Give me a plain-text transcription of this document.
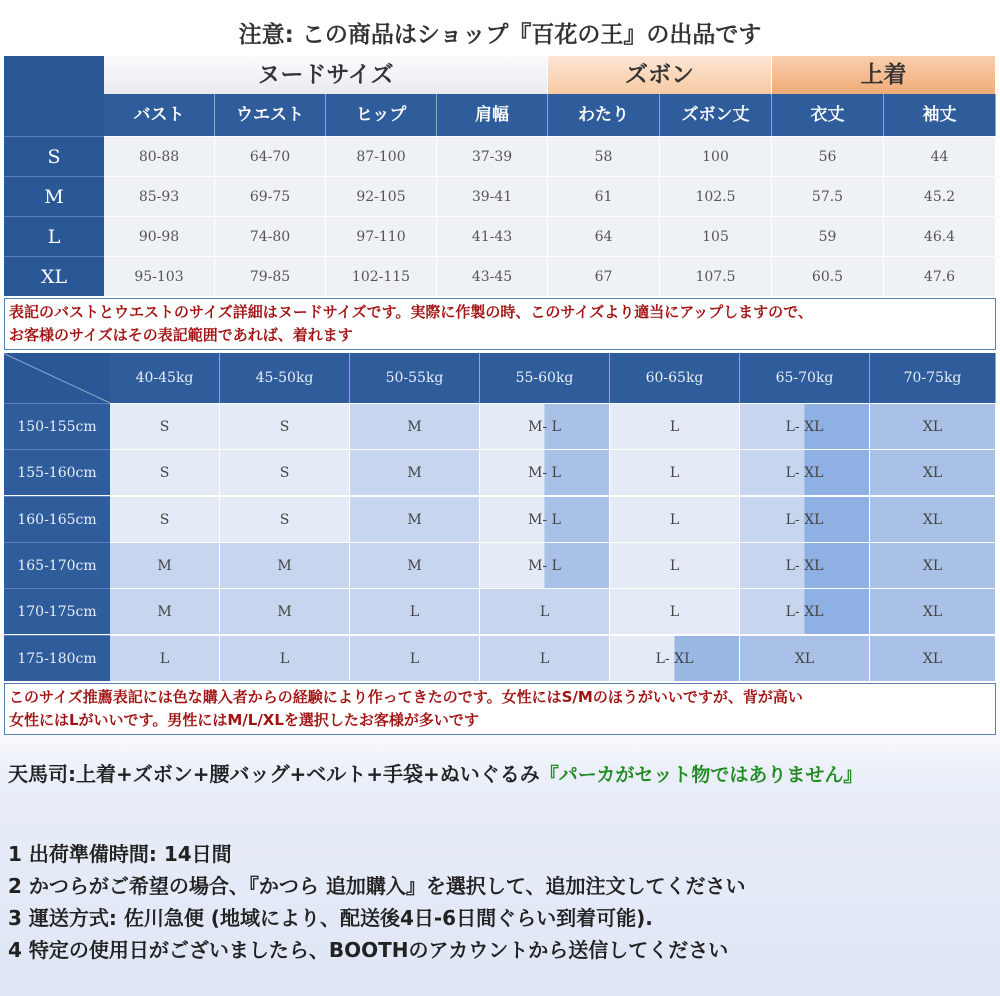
注意: この商品はショップ『百花の王』の出品です
ヌードサイズ	ズボン	上着
バスト	ウエスト	ヒップ	肩幅	わたり	ズボン丈	衣丈	袖丈
S	80-88	64-70	87-100	37-39	58	100	56	44
M	85-93	69-75	92-105	39-41	61	102.5	57.5	45.2
L	90-98	74-80	97-110	41-43	64	105	59	46.4
XL	95-103	79-85	102-115	43-45	67	107.5	60.5	47.6
表記のバストとウエストのサイズ詳細はヌードサイズです。実際に作製の時、このサイズより適当にアップしますので、
お客様のサイズはその表記範囲であれば、着れます
40-45kg	45-50kg	50-55kg	55-60kg	60-65kg	65-70kg	70-75kg
150-155cm	S	S	M	M- L	L	L- XL	XL
155-160cm	S	S	M	M- L	L	L- XL	XL
160-165cm	S	S	M	M- L	L	L- XL	XL
165-170cm	M	M	M	M- L	L	L- XL	XL
170-175cm	M	M	L	L	L	L- XL	XL
175-180cm	L	L	L	L	L- XL	XL	XL
このサイズ推薦表記には色な購入者からの経験により作ってきたのです。女性にはS/Mのほうがいいですが、背が高い
女性にはLがいいです。男性にはM/L/XLを選択したお客様が多いです
天馬司:上着+ズボン+腰バッグ+ベルト+手袋+ぬいぐるみ『パーカがセット物ではありません』
1 出荷準備時間: 14日間
2 かつらがご希望の場合、『かつら 追加購入』を選択して、追加注文してください
3 運送方式: 佐川急便 (地域により、配送後4日-6日間ぐらい到着可能).
4 特定の使用日がございましたら、BOOTHのアカウントから送信してください
